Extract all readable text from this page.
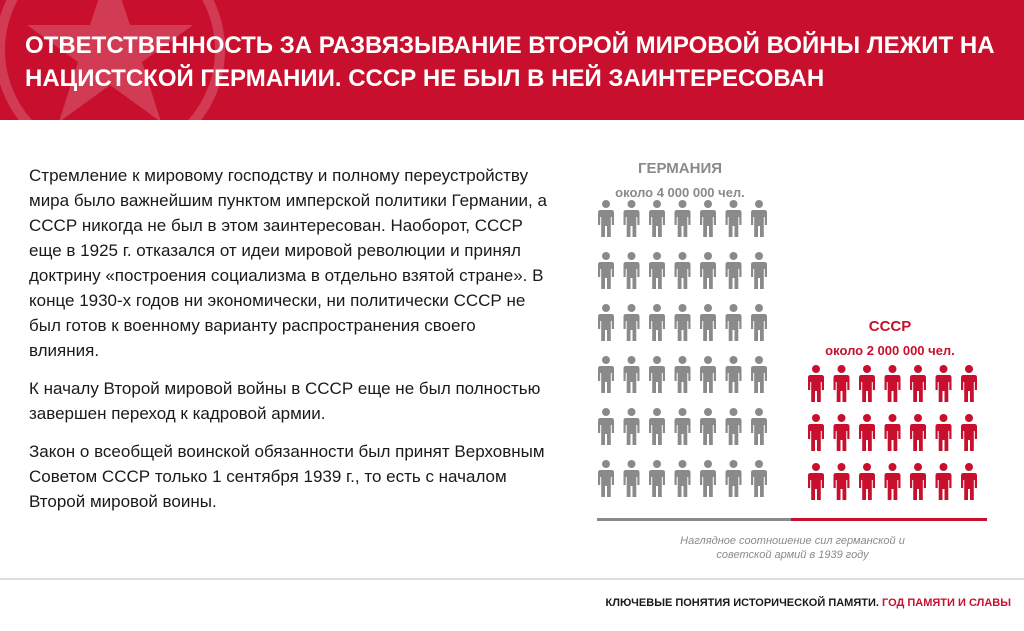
ОТВЕТСТВЕННОСТЬ ЗА РАЗВЯЗЫВАНИЕ ВТОРОЙ МИРОВОЙ ВОЙНЫ ЛЕЖИТ НА НАЦИСТСКОЙ ГЕРМАНИИ. СССР НЕ БЫЛ В НЕЙ ЗАИНТЕРЕСОВАН

Стремление к мировому господству и полному переустройству мира было важнейшим пунктом имперской политики Германии, а СССР никогда не был в этом заинтересован. Наоборот, СССР еще в 1925 г. отказался от идеи мировой революции и принял доктрину «построения социализма в отдельно взятой стране». В конце 1930-х годов ни экономически, ни политически СССР не был готов к военному варианту распространения своего влияния.

К началу Второй мировой войны в СССР еще не был полностью завершен переход к кадровой армии.

Закон о всеобщей воинской обязанности был принят Верховным Советом СССР только 1 сентября 1939 г., то есть с началом Второй мировой воины.

ГЕРМАНИЯ
около 4 000 000 чел.
СССР
около 2 000 000 чел.
Наглядное соотношение сил германской и советской армий в 1939 году
КЛЮЧЕВЫЕ ПОНЯТИЯ ИСТОРИЧЕСКОЙ ПАМЯТИ. ГОД ПАМЯТИ И СЛАВЫ
